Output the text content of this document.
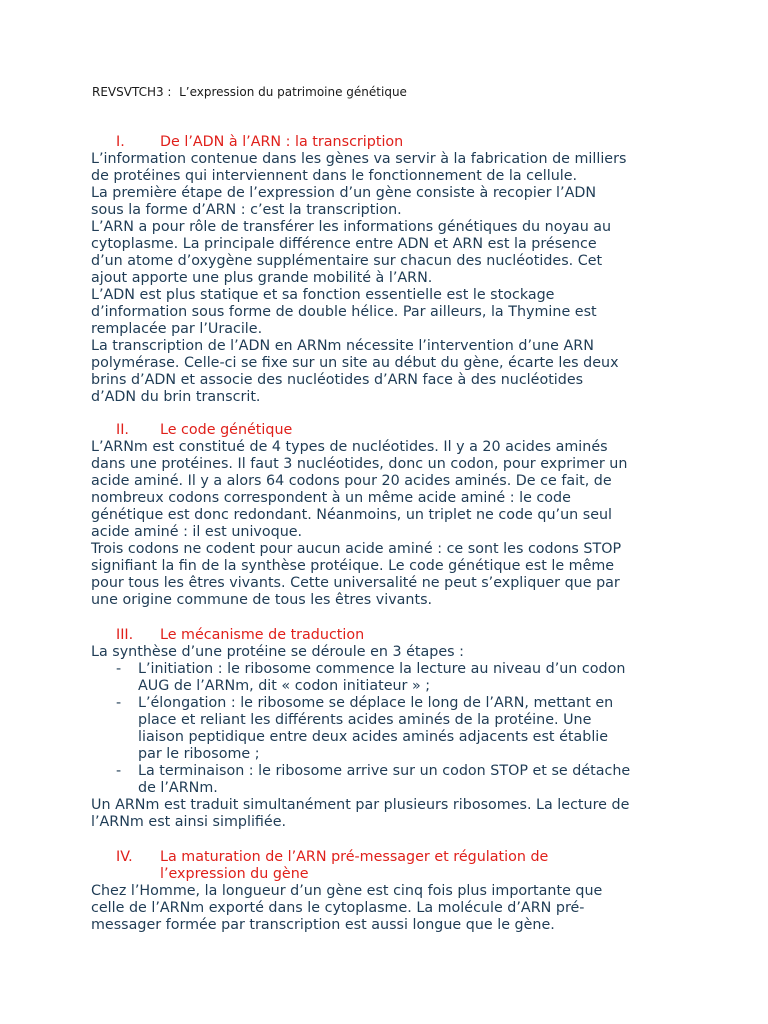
REVSVTCH3 :  L’expression du patrimoine génétique
I. De l’ADN à l’ARN : la transcription

L’information contenue dans les gènes va servir à la fabrication de milliers
de protéines qui interviennent dans le fonctionnement de la cellule.

La première étape de l’expression d’un gène consiste à recopier l’ADN
sous la forme d’ARN : c’est la transcription.

L’ARN a pour rôle de transférer les informations génétiques du noyau au
cytoplasme. La principale différence entre ADN et ARN est la présence
d’un atome d’oxygène supplémentaire sur chacun des nucléotides. Cet
ajout apporte une plus grande mobilité à l’ARN.

L’ADN est plus statique et sa fonction essentielle est le stockage
d’information sous forme de double hélice. Par ailleurs, la Thymine est
remplacée par l’Uracile.

La transcription de l’ADN en ARNm nécessite l’intervention d’une ARN
polymérase. Celle-ci se fixe sur un site au début du gène, écarte les deux
brins d’ADN et associe des nucléotides d’ARN face à des nucléotides
d’ADN du brin transcrit.

II. Le code génétique

L’ARNm est constitué de 4 types de nucléotides. Il y a 20 acides aminés
dans une protéines. Il faut 3 nucléotides, donc un codon, pour exprimer un
acide aminé. Il y a alors 64 codons pour 20 acides aminés. De ce fait, de
nombreux codons correspondent à un même acide aminé : le code
génétique est donc redondant. Néanmoins, un triplet ne code qu’un seul
acide aminé : il est univoque.

Trois codons ne codent pour aucun acide aminé : ce sont les codons STOP
signifiant la fin de la synthèse protéique. Le code génétique est le même
pour tous les êtres vivants. Cette universalité ne peut s’expliquer que par
une origine commune de tous les êtres vivants.

III. Le mécanisme de traduction

La synthèse d’une protéine se déroule en 3 étapes :

- L’initiation : le ribosome commence la lecture au niveau d’un codon
AUG de l’ARNm, dit « codon initiateur » ;
- L’élongation : le ribosome se déplace le long de l’ARN, mettant en
place et reliant les différents acides aminés de la protéine. Une
liaison peptidique entre deux acides aminés adjacents est établie
par le ribosome ;
- La terminaison : le ribosome arrive sur un codon STOP et se détache
de l’ARNm.

Un ARNm est traduit simultanément par plusieurs ribosomes. La lecture de
l’ARNm est ainsi simplifiée.

IV. La maturation de l’ARN pré-messager et régulation de
l’expression du gène

Chez l’Homme, la longueur d’un gène est cinq fois plus importante que
celle de l’ARNm exporté dans le cytoplasme. La molécule d’ARN pré-
messager formée par transcription est aussi longue que le gène.
